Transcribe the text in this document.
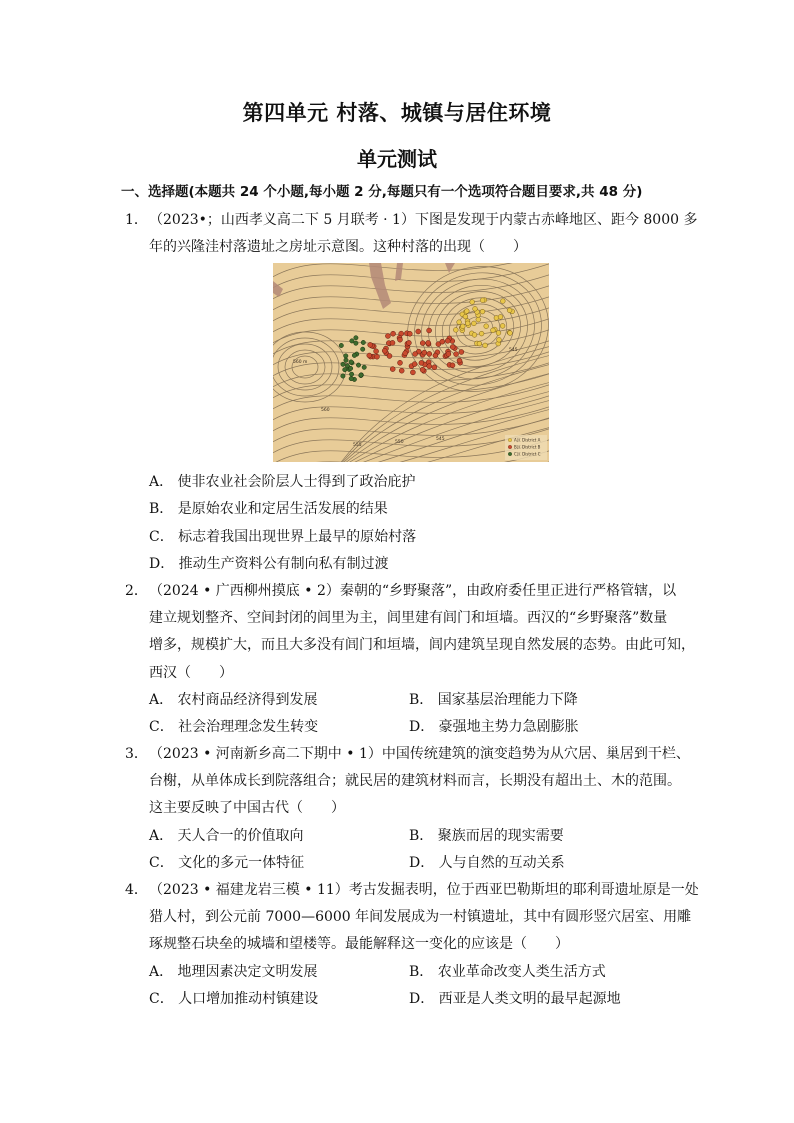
第四单元 村落、城镇与居住环境
单元测试
一、选择题(本题共 24 个小题,每小题 2 分,每题只有一个选项符合题目要求,共 48 分)
1． （2023•；山西孝义高二下 5 月联考 · 1）下图是发现于内蒙古赤峰地区、距今 8000 多
年的兴隆洼村落遗址之房址示意图。这种村落的出现（　　）
560 m
560
555
550
545
545
A区 District A
B区 District B
C区 District C
A． 使非农业社会阶层人士得到了政治庇护
B． 是原始农业和定居生活发展的结果
C． 标志着我国出现世界上最早的原始村落
D． 推动生产资料公有制向私有制过渡
2． （2024 • 广西柳州摸底 • 2）秦朝的“乡野聚落”，由政府委任里正进行严格管辖，以
建立规划整齐、空间封闭的闾里为主，闾里建有闾门和垣墙。西汉的“乡野聚落”数量
增多，规模扩大，而且大多没有闾门和垣墙，闾内建筑呈现自然发展的态势。由此可知，
西汉（　　）
A． 农村商品经济得到发展	B． 国家基层治理能力下降
C． 社会治理理念发生转变	D． 豪强地主势力急剧膨胀
3． （2023 • 河南新乡高二下期中 • 1）中国传统建筑的演变趋势为从穴居、巢居到干栏、
台榭，从单体成长到院落组合；就民居的建筑材料而言，长期没有超出土、木的范围。
这主要反映了中国古代（　　）
A． 天人合一的价值取向	B． 聚族而居的现实需要
C． 文化的多元一体特征	D． 人与自然的互动关系
4． （2023 • 福建龙岩三模 • 11）考古发掘表明，位于西亚巴勒斯坦的耶利哥遗址原是一处
猎人村，到公元前 7000—6000 年间发展成为一村镇遗址，其中有圆形竖穴居室、用雕
琢规整石块垒的城墙和望楼等。最能解释这一变化的应该是（　　）
A． 地理因素决定文明发展	B． 农业革命改变人类生活方式
C． 人口增加推动村镇建设	D． 西亚是人类文明的最早起源地
